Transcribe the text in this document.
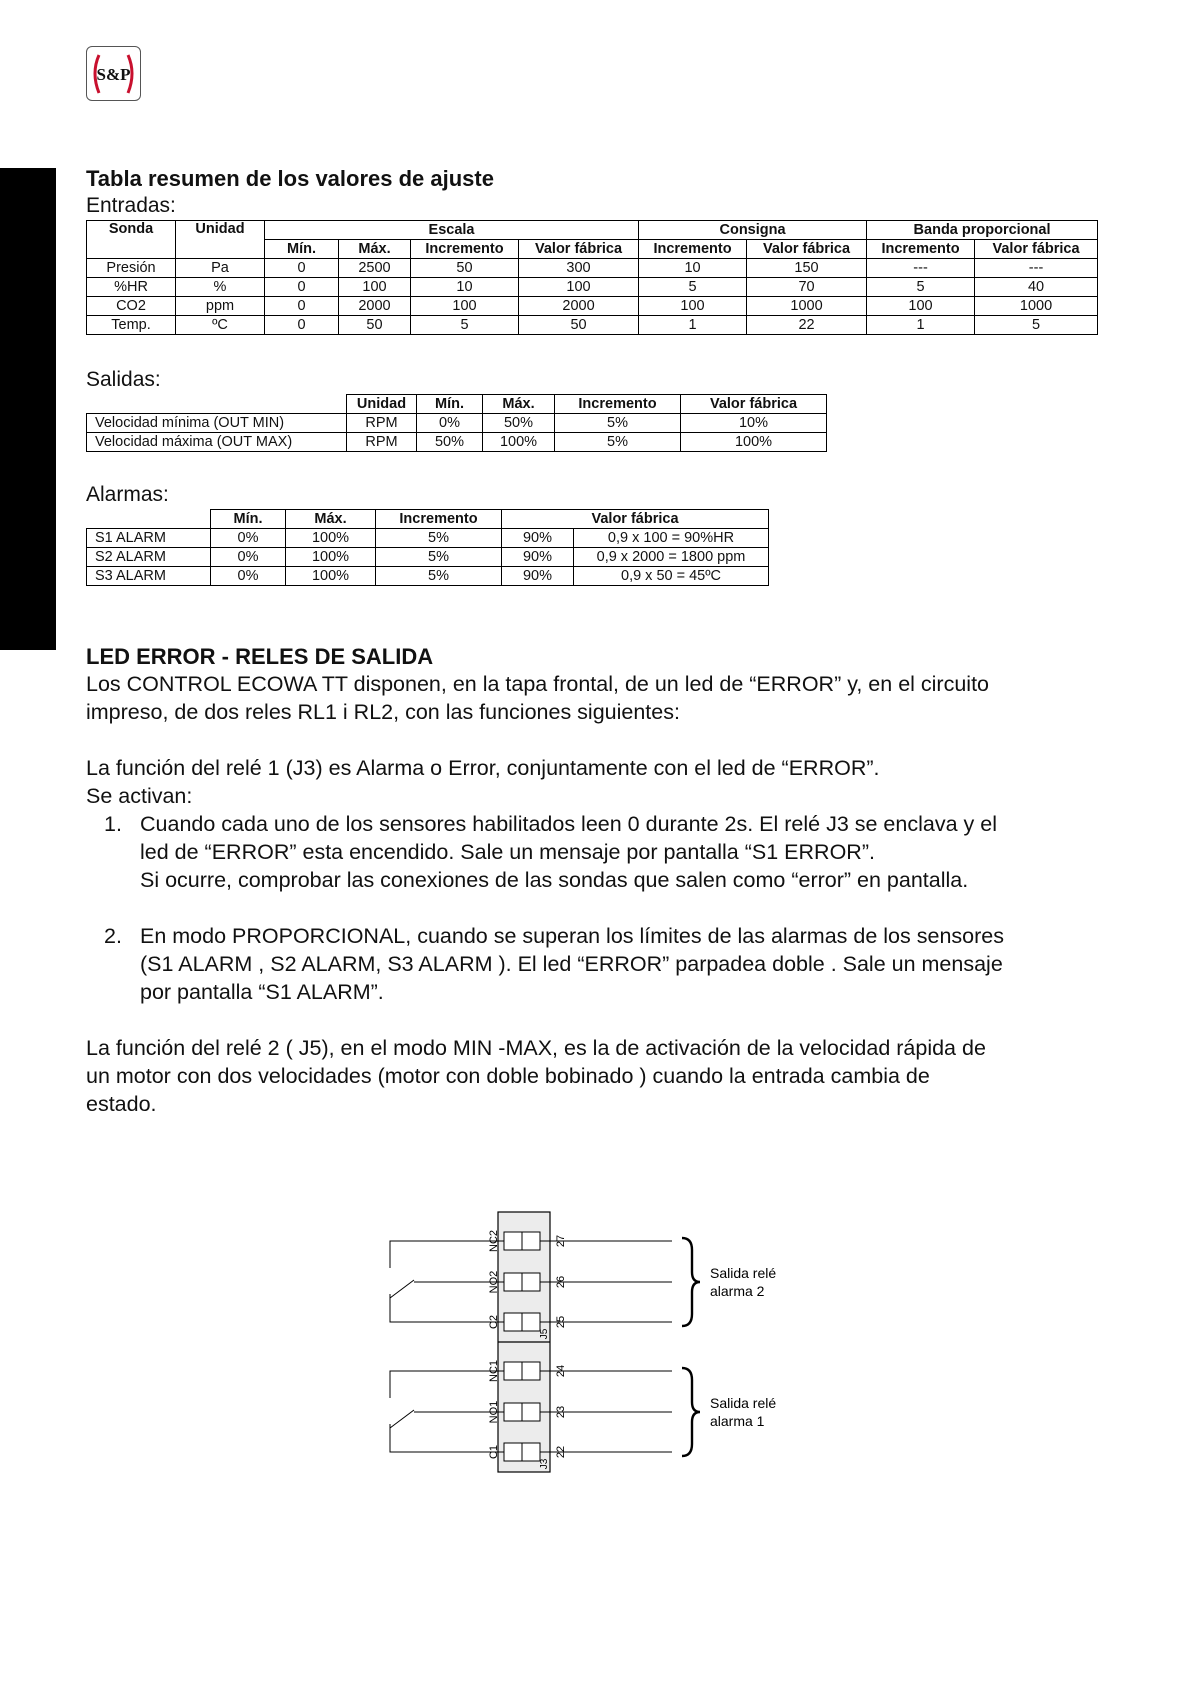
S&P
Tabla resumen de los valores de ajuste
Entradas:
Sonda	Unidad	Escala				Consigna		Banda proporcional	
		Mín.	Máx.	Incremento	Valor fábrica	Incremento	Valor fábrica	Incremento	Valor fábrica
Presión	Pa	0	2500	50	300	10	150	---	---
%HR	%	0	100	10	100	5	70	5	40
CO2	ppm	0	2000	100	2000	100	1000	100	1000
Temp.	ºC	0	50	5	50	1	22	1	5
Salidas:
	Unidad	Mín.	Máx.	Incremento	Valor fábrica
Velocidad mínima (OUT MIN)	RPM	0%	50%	5%	10%
Velocidad máxima (OUT MAX)	RPM	50%	100%	5%	100%
Alarmas:
	Mín.	Máx.	Incremento	Valor fábrica	
S1 ALARM	0%	100%	5%	90%	0,9 x 100 = 90%HR
S2 ALARM	0%	100%	5%	90%	0,9 x 2000 = 1800 ppm
S3 ALARM	0%	100%	5%	90%	0,9 x 50 = 45ºC
LED ERROR - RELES DE SALIDA

Los CONTROL ECOWA TT disponen, en la tapa frontal, de un led de “ERROR” y, en el circuito

impreso, de dos reles RL1 i RL2, con las funciones siguientes:

La función del relé 1 (J3) es Alarma o Error, conjuntamente con el led de “ERROR”.

Se activan:

1. Cuando cada uno de los sensores habilitados leen 0 durante 2s. El relé J3 se enclava y el
led de “ERROR” esta encendido. Sale un mensaje por pantalla “S1 ERROR”.
Si ocurre, comprobar las conexiones de las sondas que salen como “error” en pantalla.

2. En modo PROPORCIONAL, cuando se superan los límites de las alarmas de los sensores
(S1 ALARM , S2 ALARM, S3 ALARM ). El led “ERROR” parpadea doble . Sale un mensaje
por pantalla “S1 ALARM”.

La función del relé 2 ( J5), en el modo MIN -MAX, es la de activación de la velocidad rápida de

un motor con dos velocidades (motor con doble bobinado ) cuando la entrada cambia de

estado.

NC2
NO2
C2
NC1
NO1
C1
27
26
25
24
23
22
J5
J3
Salida relé
alarma 2
Salida relé
alarma 1
